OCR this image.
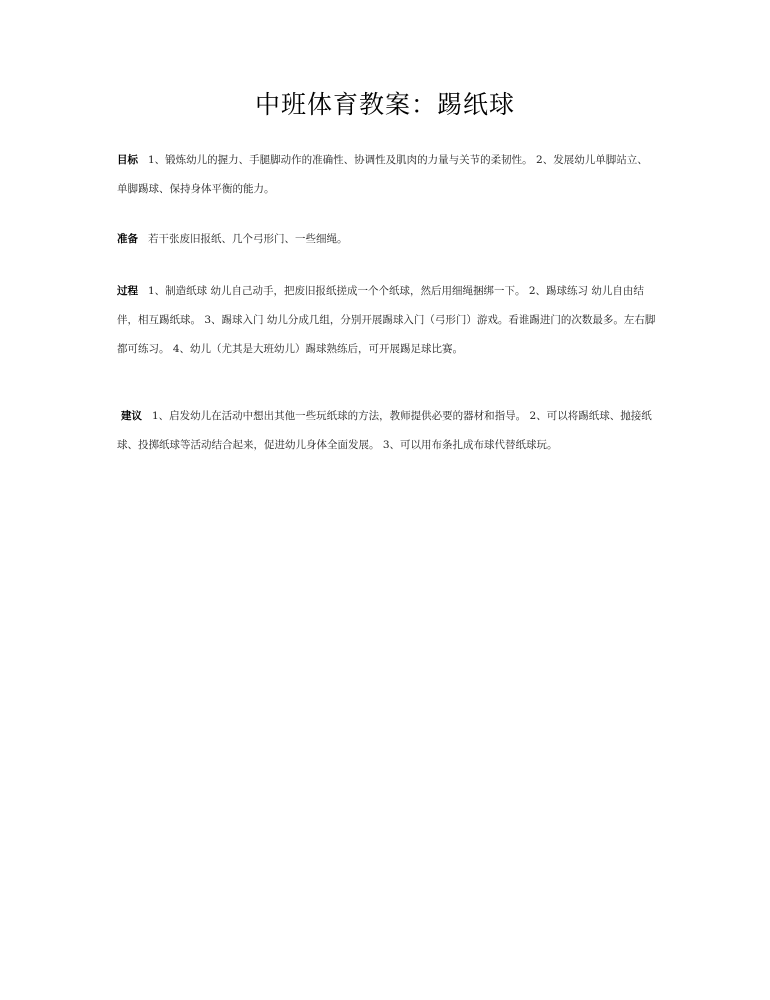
中班体育教案：踢纸球
目标 1、锻炼幼儿的握力、手腿脚动作的准确性、协调性及肌肉的力量与关节的柔韧性。 2、发展幼儿单脚站立、单脚踢球、保持身体平衡的能力。
准备 若干张废旧报纸、几个弓形门、一些细绳。
过程 1、制造纸球 幼儿自己动手，把废旧报纸搓成一个个纸球，然后用细绳捆绑一下。 2、踢球练习 幼儿自由结伴，相互踢纸球。 3、踢球入门 幼儿分成几组，分别开展踢球入门（弓形门）游戏。看谁踢进门的次数最多。左右脚都可练习。 4、幼儿（尤其是大班幼儿）踢球熟练后，可开展踢足球比赛。
建议 1、启发幼儿在活动中想出其他一些玩纸球的方法，教师提供必要的器材和指导。 2、可以将踢纸球、抛接纸球、投掷纸球等活动结合起来，促进幼儿身体全面发展。 3、可以用布条扎成布球代替纸球玩。
